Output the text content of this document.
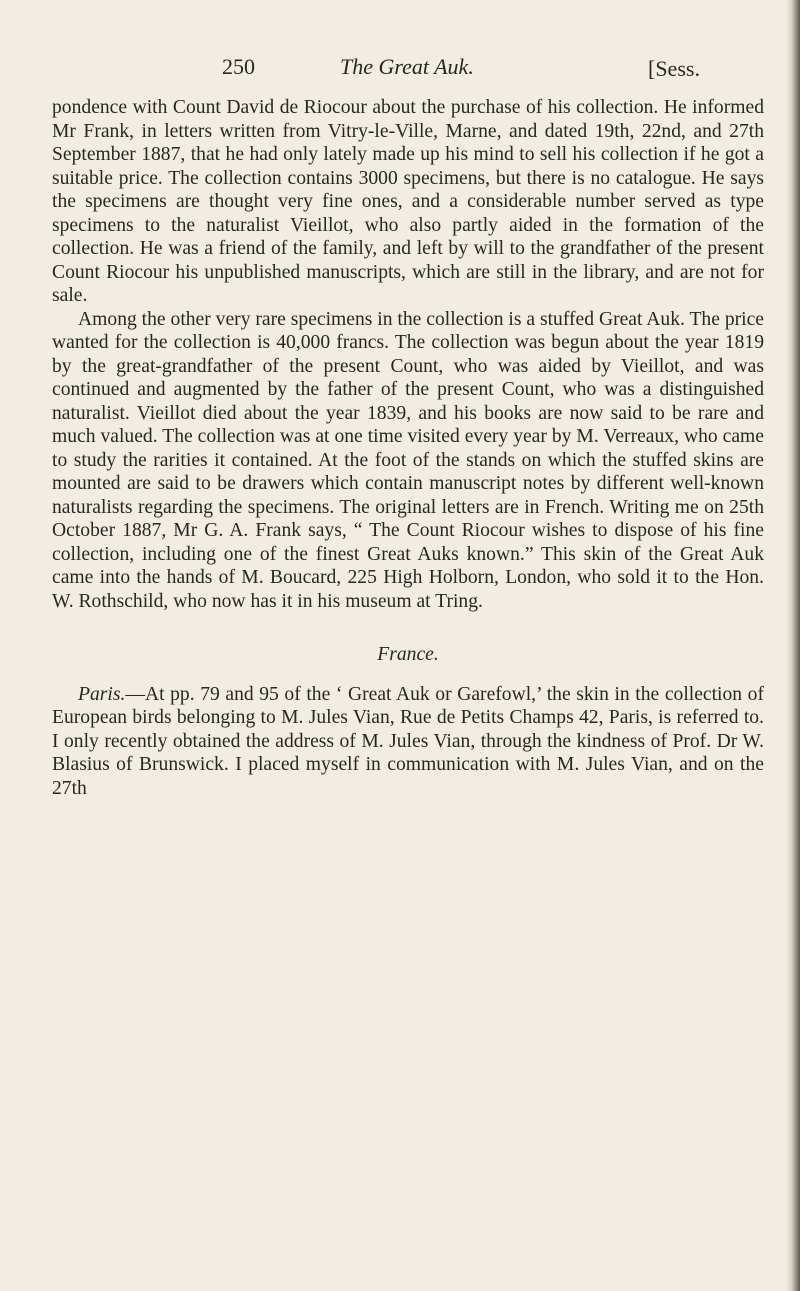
250	The Great Auk.	[Sess.

pondence with Count David de Riocour about the purchase of his collection. He informed Mr Frank, in letters written from Vitry-le-Ville, Marne, and dated 19th, 22nd, and 27th September 1887, that he had only lately made up his mind to sell his collection if he got a suitable price. The collection contains 3000 specimens, but there is no catalogue. He says the specimens are thought very fine ones, and a considerable number served as type specimens to the naturalist Vieillot, who also partly aided in the formation of the collection. He was a friend of the family, and left by will to the grandfather of the present Count Riocour his unpublished manuscripts, which are still in the library, and are not for sale.

Among the other very rare specimens in the collection is a stuffed Great Auk. The price wanted for the collection is 40,000 francs. The collection was begun about the year 1819 by the great-grandfather of the present Count, who was aided by Vieillot, and was continued and augmented by the father of the present Count, who was a distinguished naturalist. Vieillot died about the year 1839, and his books are now said to be rare and much valued. The collection was at one time visited every year by M. Verreaux, who came to study the rarities it contained. At the foot of the stands on which the stuffed skins are mounted are said to be drawers which contain manuscript notes by different well-known naturalists regarding the specimens. The original letters are in French. Writing me on 25th October 1887, Mr G. A. Frank says, “ The Count Riocour wishes to dispose of his fine collection, including one of the finest Great Auks known.” This skin of the Great Auk came into the hands of M. Boucard, 225 High Holborn, London, who sold it to the Hon. W. Rothschild, who now has it in his museum at Tring.

France.

Paris.—At pp. 79 and 95 of the ‘ Great Auk or Garefowl,’ the skin in the collection of European birds belonging to M. Jules Vian, Rue de Petits Champs 42, Paris, is referred to. I only recently obtained the address of M. Jules Vian, through the kindness of Prof. Dr W. Blasius of Brunswick. I placed myself in communication with M. Jules Vian, and on the 27th
